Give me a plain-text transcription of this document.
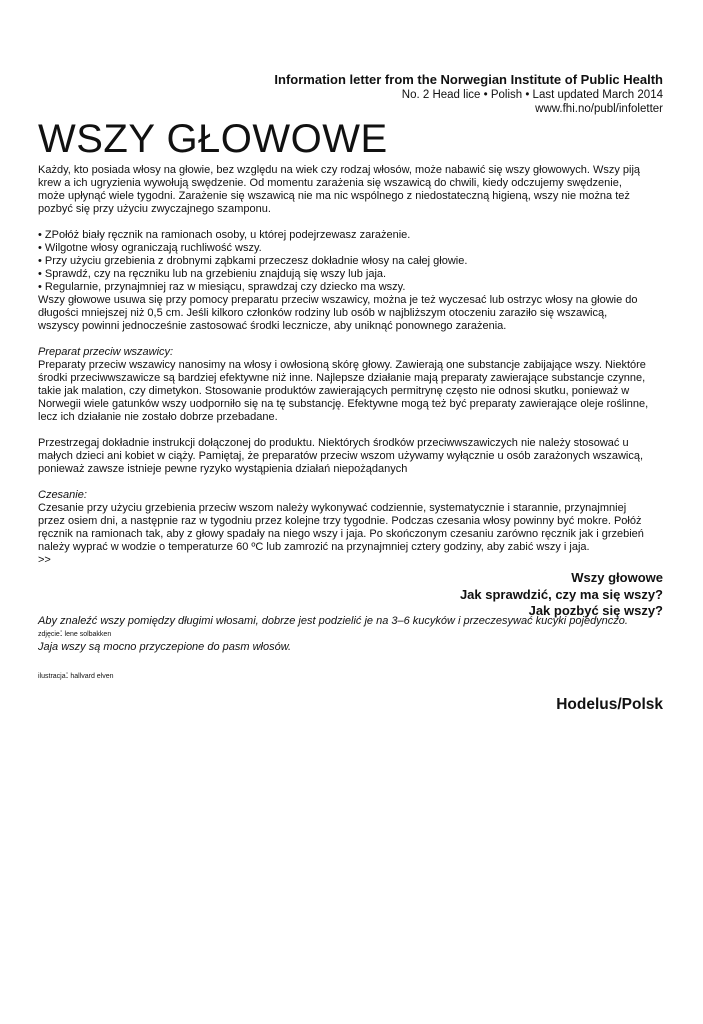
Information letter from the Norwegian Institute of Public Health
No. 2 Head lice • Polish • Last updated March 2014
www.fhi.no/publ/infoletter
WSZY GŁOWOWE

Każdy, kto posiada włosy na głowie, bez względu na wiek czy rodzaj włosów, może nabawić się wszy głowowych. Wszy piją

krew a ich ugryzienia wywołują swędzenie. Od momentu zarażenia się wszawicą do chwili, kiedy odczujemy swędzenie,

może upłynąć wiele tygodni. Zarażenie się wszawicą nie ma nic wspólnego z niedostateczną higieną, wszy nie można też

pozbyć się przy użyciu zwyczajnego szamponu.

• ZPołóż biały ręcznik na ramionach osoby, u której podejrzewasz zarażenie.

• Wilgotne włosy ograniczają ruchliwość wszy.

• Przy użyciu grzebienia z drobnymi ząbkami przeczesz dokładnie włosy na całej głowie.

• Sprawdź, czy na ręczniku lub na grzebieniu znajdują się wszy lub jaja.

• Regularnie, przynajmniej raz w miesiącu, sprawdzaj czy dziecko ma wszy.

Wszy głowowe usuwa się przy pomocy preparatu przeciw wszawicy, można je też wyczesać lub ostrzyc włosy na głowie do

długości mniejszej niż 0,5 cm. Jeśli kilkoro członków rodziny lub osób w najbliższym otoczeniu zaraziło się wszawicą,

wszyscy powinni jednocześnie zastosować środki lecznicze, aby uniknąć ponownego zarażenia.

Preparat przeciw wszawicy:

Preparaty przeciw wszawicy nanosimy na włosy i owłosioną skórę głowy. Zawierają one substancje zabijające wszy. Niektóre

środki przeciwwszawicze są bardziej efektywne niż inne. Najlepsze działanie mają preparaty zawierające substancje czynne,

takie jak malation, czy dimetykon. Stosowanie produktów zawierających permitrynę często nie odnosi skutku, ponieważ w

Norwegii wiele gatunków wszy uodporniło się na tę substancję. Efektywne mogą też być preparaty zawierające oleje roślinne,

lecz ich działanie nie zostało dobrze przebadane.

Przestrzegaj dokładnie instrukcji dołączonej do produktu. Niektórych środków przeciwwszawiczych nie należy stosować u

małych dzieci ani kobiet w ciąży. Pamiętaj, że preparatów przeciw wszom używamy wyłącznie u osób zarażonych wszawicą,

ponieważ zawsze istnieje pewne ryzyko wystąpienia działań niepożądanych

Czesanie:

Czesanie przy użyciu grzebienia przeciw wszom należy wykonywać codziennie, systematycznie i starannie, przynajmniej

przez osiem dni, a następnie raz w tygodniu przez kolejne trzy tygodnie. Podczas czesania włosy powinny być mokre. Połóż

ręcznik na ramionach tak, aby z głowy spadały na niego wszy i jaja. Po skończonym czesaniu zarówno ręcznik jak i grzebień

należy wyprać w wodzie o temperaturze 60 ºC lub zamrozić na przynajmniej cztery godziny, aby zabić wszy i jaja.

>>

Wszy głowowe
Jak sprawdzić, czy ma się wszy?
Jak pozbyć się wszy?
Aby znaleźć wszy pomiędzy długimi włosami, dobrze jest podzielić je na 3–6 kucyków i przeczesywać kucyki pojedynczo.
zdjęcie: lene solbakken
Jaja wszy są mocno przyczepione do pasm włosów.
ilustracja: hallvard elven
Hodelus/Polsk
